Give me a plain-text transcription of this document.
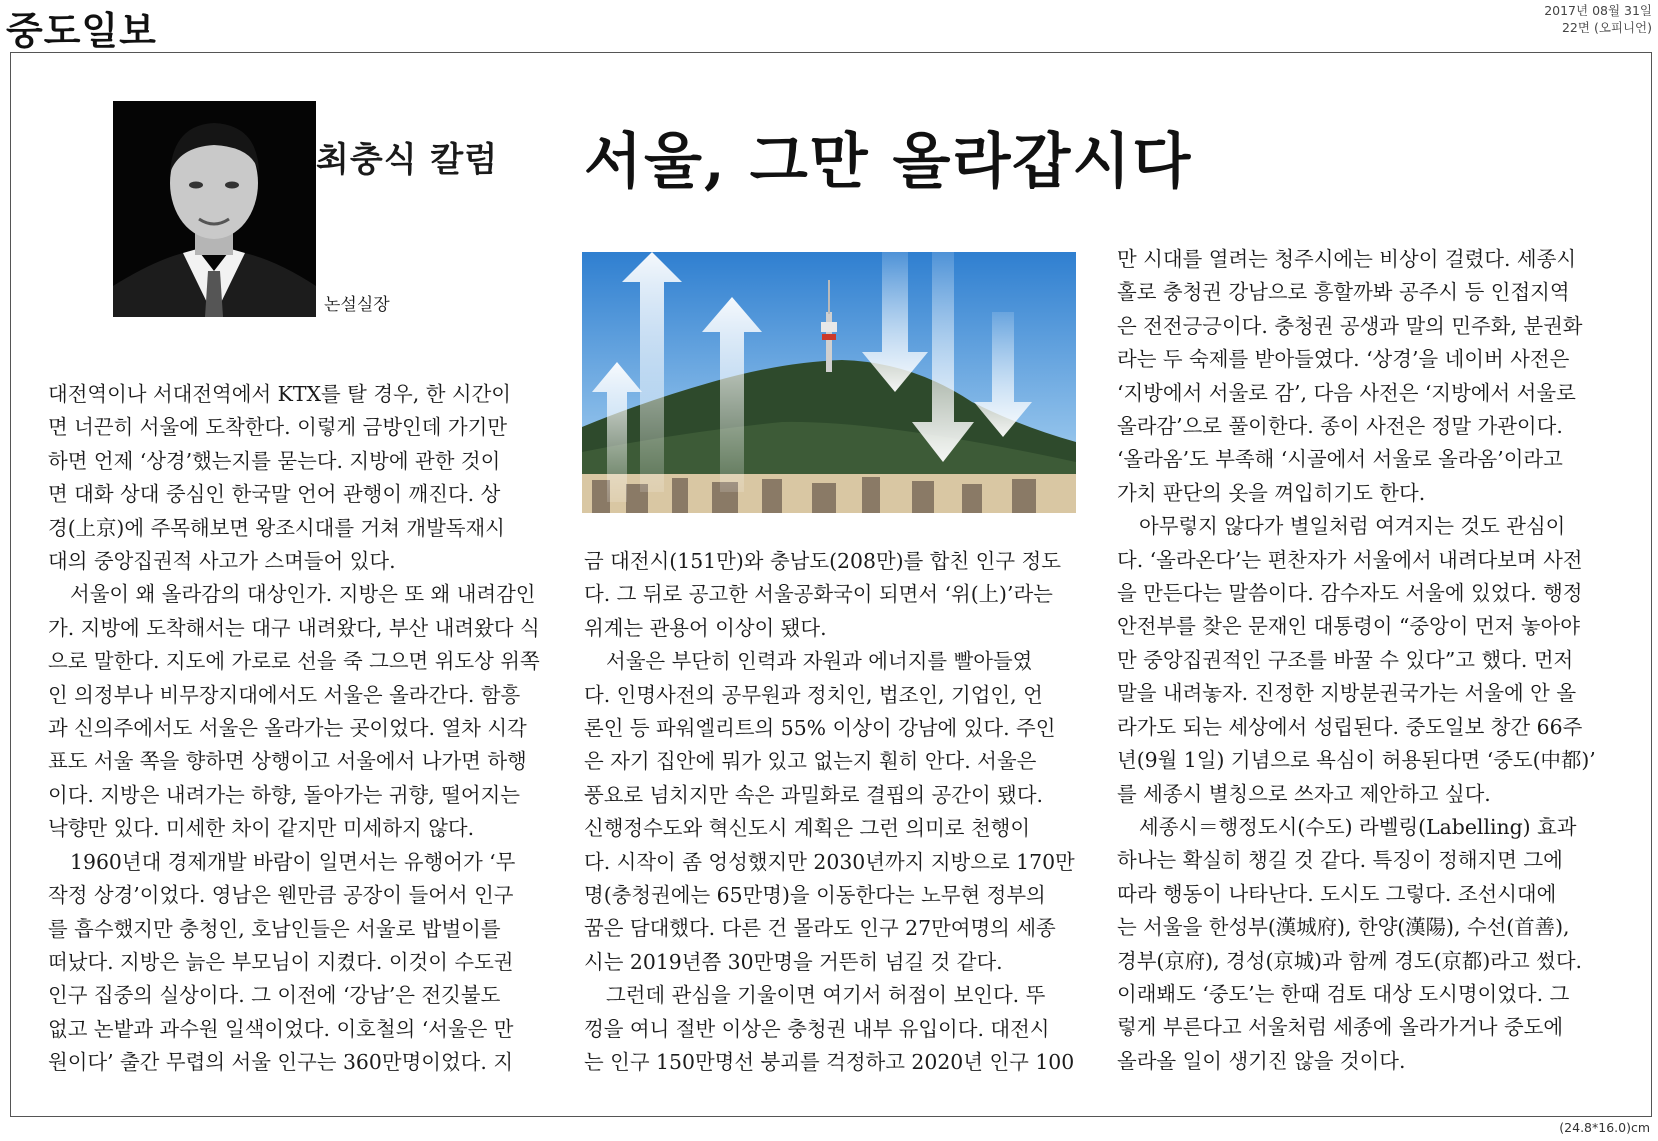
중도일보	2017년 08월 31일
22면 (오피니언)
논설실장
최충식 칼럼 서울, 그만 올라갑시다

대전역이나 서대전역에서 KTX를 탈 경우, 한 시간이

면 너끈히 서울에 도착한다. 이렇게 금방인데 가기만

하면 언제 ‘상경’했는지를 묻는다. 지방에 관한 것이

면 대화 상대 중심인 한국말 언어 관행이 깨진다. 상

경(上京)에 주목해보면 왕조시대를 거쳐 개발독재시

대의 중앙집권적 사고가 스며들어 있다.

서울이 왜 올라감의 대상인가. 지방은 또 왜 내려감인

가. 지방에 도착해서는 대구 내려왔다, 부산 내려왔다 식

으로 말한다. 지도에 가로로 선을 죽 그으면 위도상 위쪽

인 의정부나 비무장지대에서도 서울은 올라간다. 함흥

과 신의주에서도 서울은 올라가는 곳이었다. 열차 시각

표도 서울 쪽을 향하면 상행이고 서울에서 나가면 하행

이다. 지방은 내려가는 하향, 돌아가는 귀향, 떨어지는

낙향만 있다. 미세한 차이 같지만 미세하지 않다.

1960년대 경제개발 바람이 일면서는 유행어가 ‘무

작정 상경’이었다. 영남은 웬만큼 공장이 들어서 인구

를 흡수했지만 충청인, 호남인들은 서울로 밥벌이를

떠났다. 지방은 늙은 부모님이 지켰다. 이것이 수도권

인구 집중의 실상이다. 그 이전에 ‘강남’은 전깃불도

없고 논밭과 과수원 일색이었다. 이호철의 ‘서울은 만

원이다’ 출간 무렵의 서울 인구는 360만명이었다. 지

금 대전시(151만)와 충남도(208만)를 합친 인구 정도

다. 그 뒤로 공고한 서울공화국이 되면서 ‘위(上)’라는

위계는 관용어 이상이 됐다.

서울은 부단히 인력과 자원과 에너지를 빨아들였

다. 인명사전의 공무원과 정치인, 법조인, 기업인, 언

론인 등 파워엘리트의 55% 이상이 강남에 있다. 주인

은 자기 집안에 뭐가 있고 없는지 훤히 안다. 서울은

풍요로 넘치지만 속은 과밀화로 결핍의 공간이 됐다.

신행정수도와 혁신도시 계획은 그런 의미로 천행이

다. 시작이 좀 엉성했지만 2030년까지 지방으로 170만

명(충청권에는 65만명)을 이동한다는 노무현 정부의

꿈은 담대했다. 다른 건 몰라도 인구 27만여명의 세종

시는 2019년쯤 30만명을 거뜬히 넘길 것 같다.

그런데 관심을 기울이면 여기서 허점이 보인다. 뚜

껑을 여니 절반 이상은 충청권 내부 유입이다. 대전시

는 인구 150만명선 붕괴를 걱정하고 2020년 인구 100

만 시대를 열려는 청주시에는 비상이 걸렸다. 세종시

홀로 충청권 강남으로 흥할까봐 공주시 등 인접지역

은 전전긍긍이다. 충청권 공생과 말의 민주화, 분권화

라는 두 숙제를 받아들였다. ‘상경’을 네이버 사전은

‘지방에서 서울로 감’, 다음 사전은 ‘지방에서 서울로

올라감’으로 풀이한다. 종이 사전은 정말 가관이다.

‘올라옴’도 부족해 ‘시골에서 서울로 올라옴’이라고

가치 판단의 옷을 껴입히기도 한다.

아무렇지 않다가 별일처럼 여겨지는 것도 관심이

다. ‘올라온다’는 편찬자가 서울에서 내려다보며 사전

을 만든다는 말씀이다. 감수자도 서울에 있었다. 행정

안전부를 찾은 문재인 대통령이 “중앙이 먼저 놓아야

만 중앙집권적인 구조를 바꿀 수 있다”고 했다. 먼저

말을 내려놓자. 진정한 지방분권국가는 서울에 안 올

라가도 되는 세상에서 성립된다. 중도일보 창간 66주

년(9월 1일) 기념으로 욕심이 허용된다면 ‘중도(中都)’

를 세종시 별칭으로 쓰자고 제안하고 싶다.

세종시＝행정도시(수도) 라벨링(Labelling) 효과

하나는 확실히 챙길 것 같다. 특징이 정해지면 그에

따라 행동이 나타난다. 도시도 그렇다. 조선시대에

는 서울을 한성부(漢城府), 한양(漢陽), 수선(首善),

경부(京府), 경성(京城)과 함께 경도(京都)라고 썼다.

이래봬도 ‘중도’는 한때 검토 대상 도시명이었다. 그

렇게 부른다고 서울처럼 세종에 올라가거나 중도에

올라올 일이 생기진 않을 것이다.

(24.8*16.0)cm
